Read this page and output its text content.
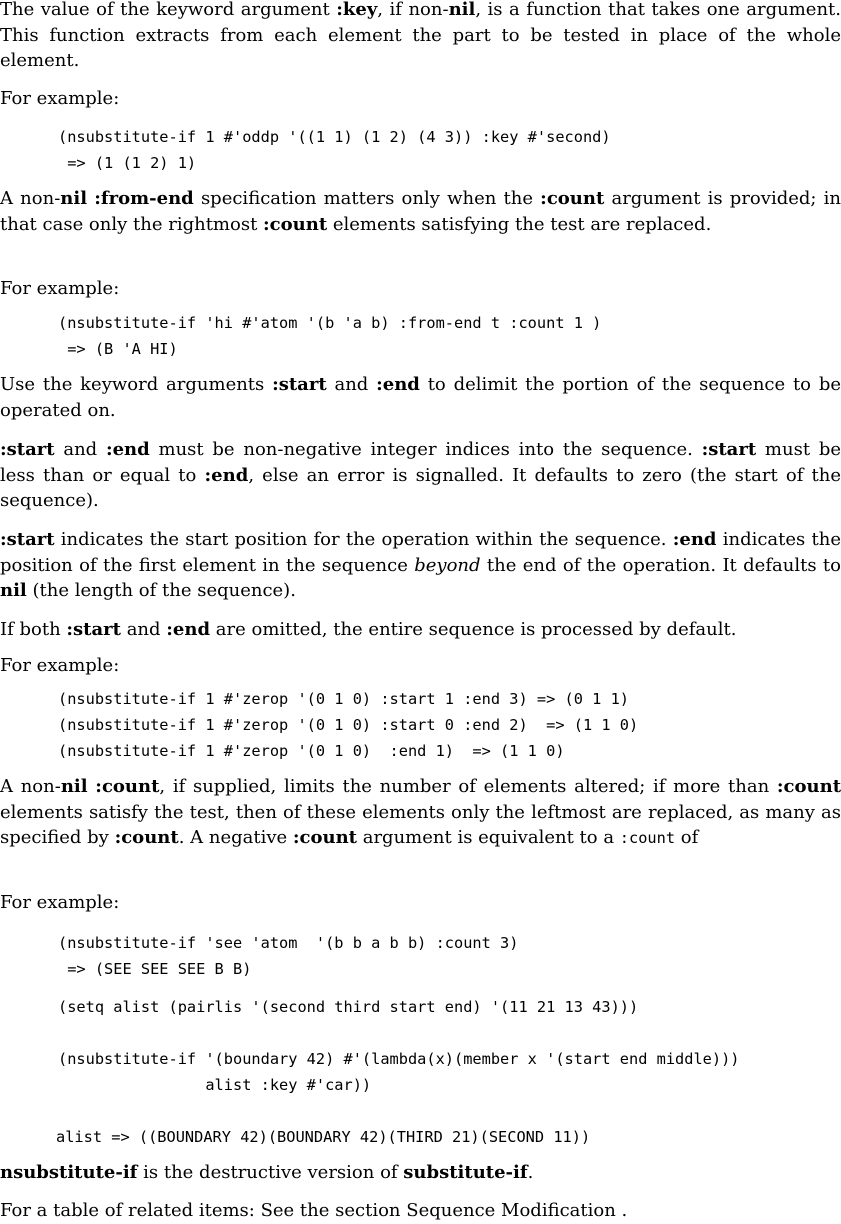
The value of the keyword argument :key, if non-nil, is a function that takes one argument. This function extracts from each element the part to be tested in place of the whole element.

For example:

(nsubstitute-if 1 #'oddp '((1 1) (1 2) (4 3)) :key #'second)
=> (1 (1 2) 1)

A non-nil :from-end specification matters only when the :count argument is provided; in that case only the rightmost :count elements satisfying the test are replaced.

For example:

(nsubstitute-if 'hi #'atom '(b 'a b) :from-end t :count 1 )
=> (B 'A HI)

Use the keyword arguments :start and :end to delimit the portion of the sequence to be operated on.

:start and :end must be non-negative integer indices into the sequence. :start must be less than or equal to :end, else an error is signalled. It defaults to zero (the start of the sequence).

:start indicates the start position for the operation within the sequence. :end indicates the position of the first element in the sequence beyond the end of the operation. It defaults to nil (the length of the sequence).

If both :start and :end are omitted, the entire sequence is processed by default.

For example:

(nsubstitute-if 1 #'zerop '(0 1 0) :start 1 :end 3) => (0 1 1)
(nsubstitute-if 1 #'zerop '(0 1 0) :start 0 :end 2)  => (1 1 0)
(nsubstitute-if 1 #'zerop '(0 1 0)  :end 1)  => (1 1 0)

A non-nil :count, if supplied, limits the number of elements altered; if more than :count elements satisfy the test, then of these elements only the leftmost are replaced, as many as specified by :count. A negative :count argument is equivalent to a :count of

For example:

(nsubstitute-if 'see 'atom  '(b b a b b) :count 3)
=> (SEE SEE SEE B B)
(setq alist (pairlis '(second third start end) '(11 21 13 43)))
(nsubstitute-if '(boundary 42) #'(lambda(x)(member x '(start end middle)))
alist :key #'car))
alist => ((BOUNDARY 42)(BOUNDARY 42)(THIRD 21)(SECOND 11))

nsubstitute-if is the destructive version of substitute-if.

For a table of related items: See the section Sequence Modification .
